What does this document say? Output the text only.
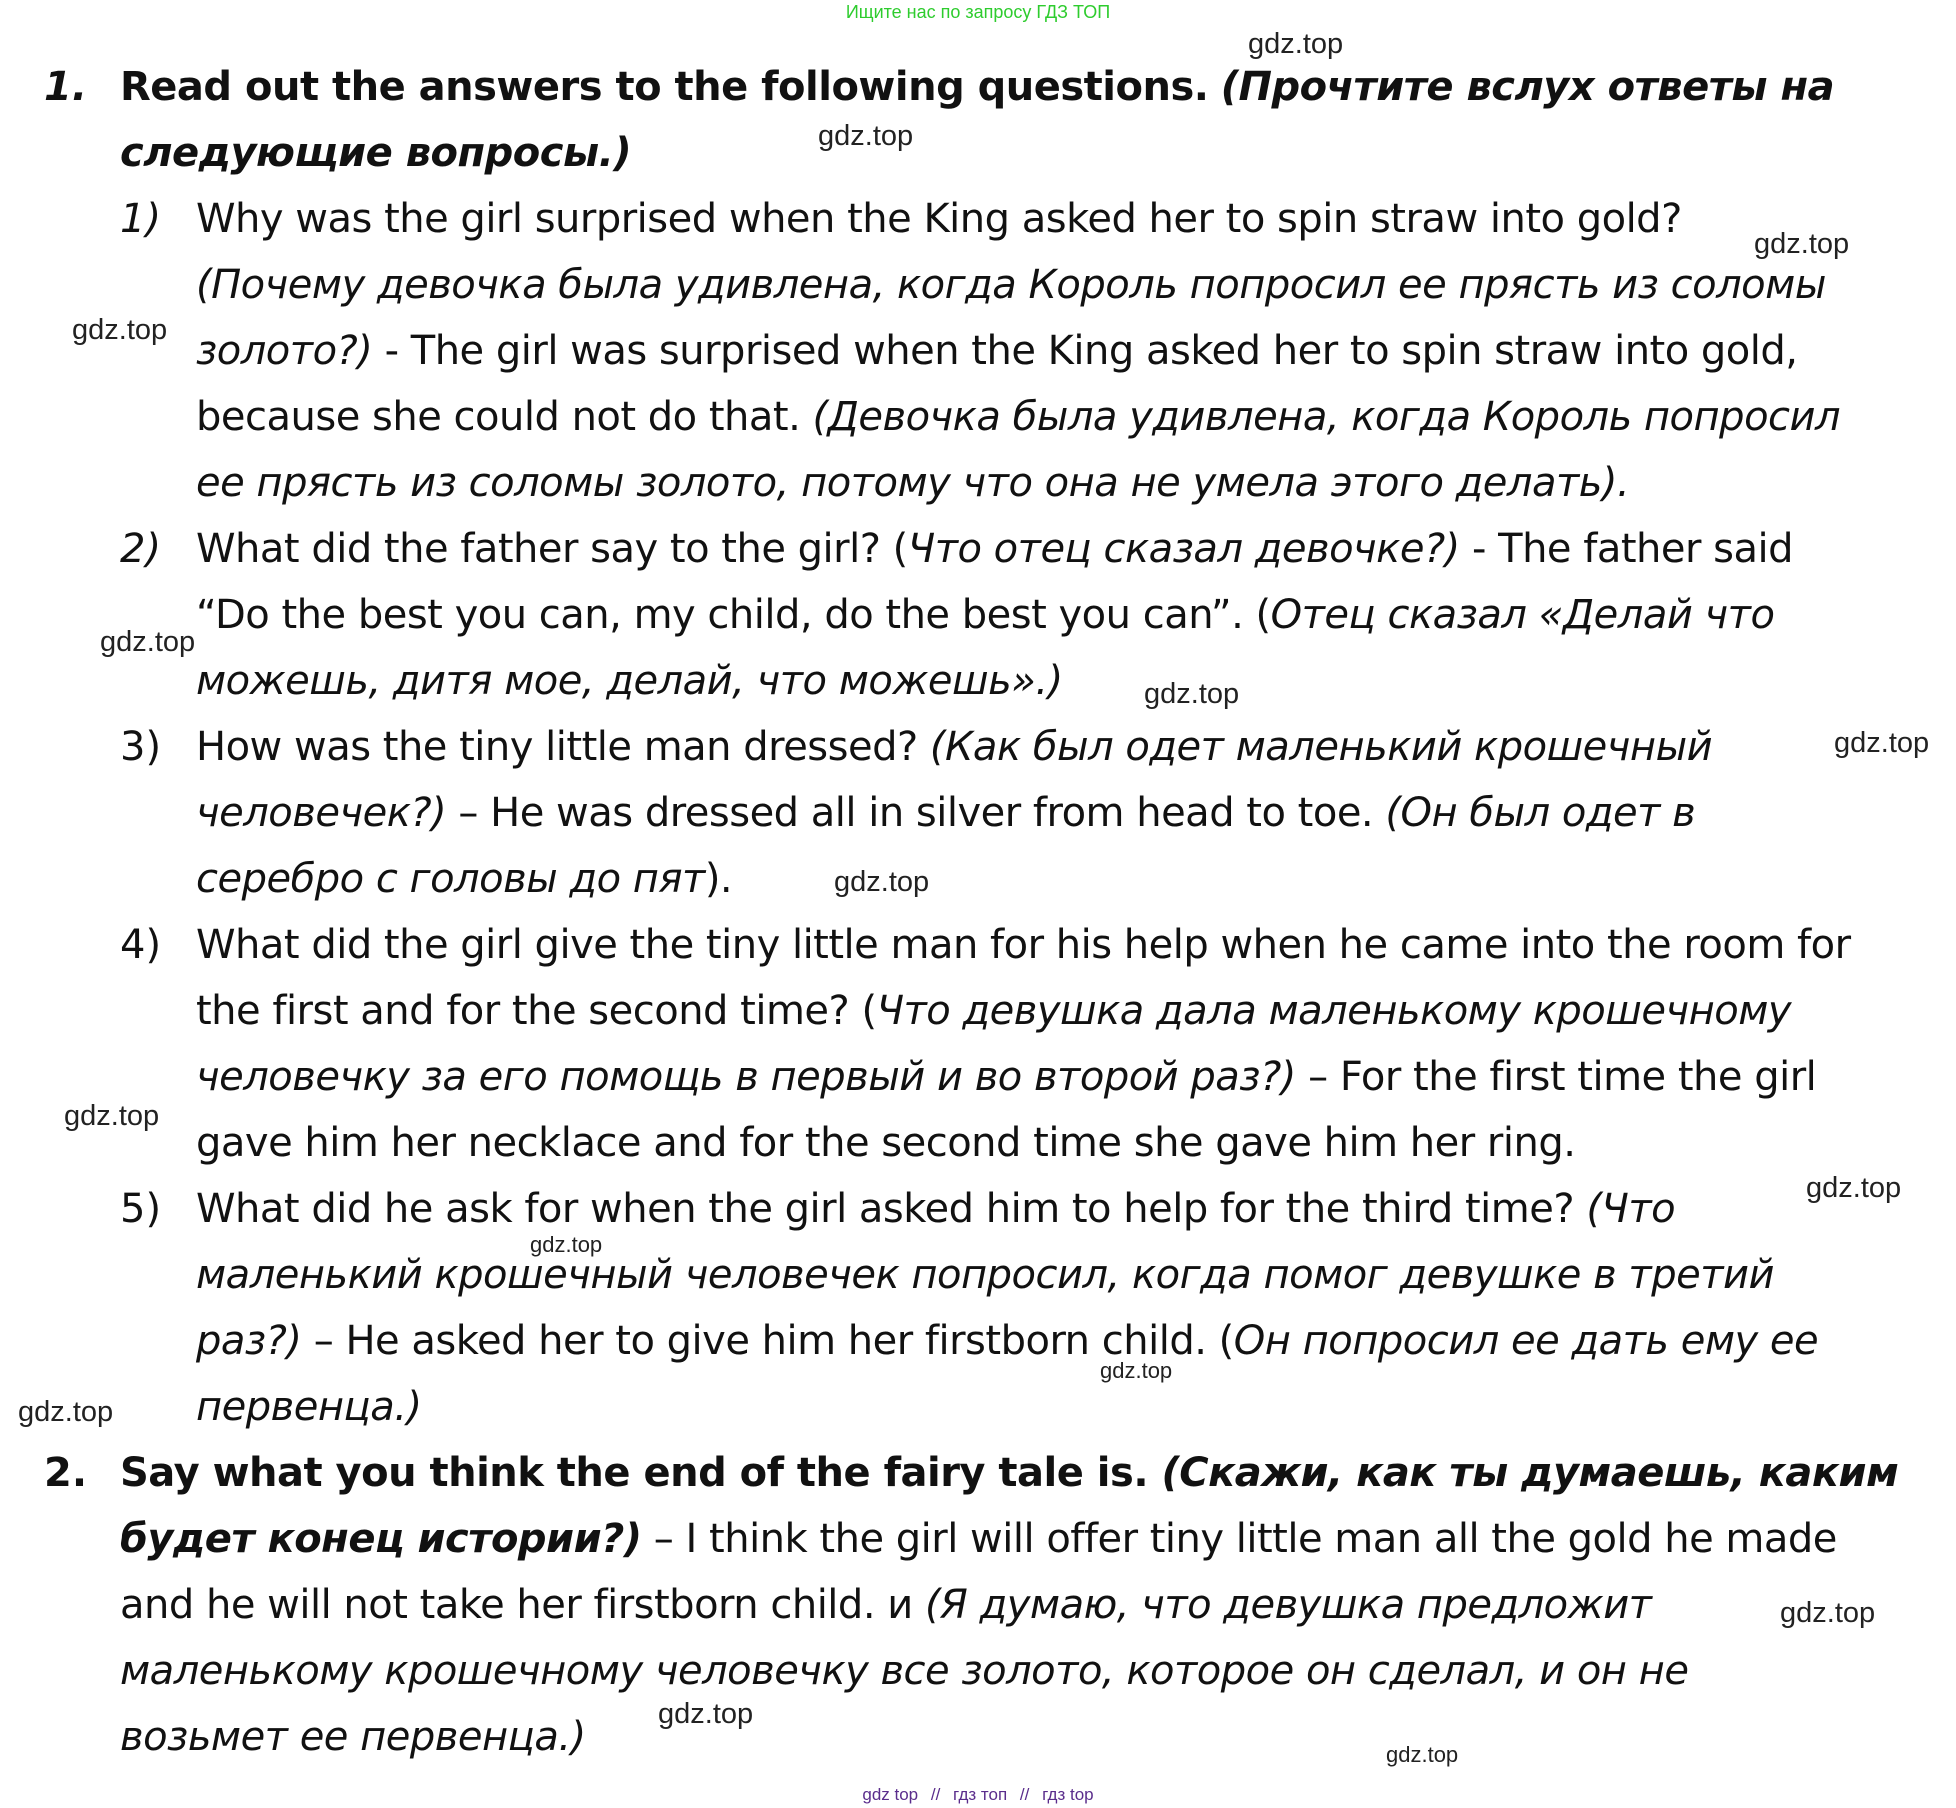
Ищите нас по запросу ГДЗ ТОП
gdz.top
gdz.top
gdz.top
gdz.top
gdz.top
gdz.top
gdz.top
gdz.top
gdz.top
gdz.top
gdz.top
gdz.top
gdz.top
gdz.top
gdz.top
gdz.top
1. Read out the answers to the following questions. (Прочтите вслух ответы на
следующие вопросы.)
1) Why was the girl surprised when the King asked her to spin straw into gold?
(Почему девочка была удивлена, когда Король попросил ее прясть из соломы
золото?) - The girl was surprised when the King asked her to spin straw into gold,
because she could not do that. (Девочка была удивлена, когда Король попросил
ее прясть из соломы золото, потому что она не умела этого делать).
2) What did the father say to the girl? (Что отец сказал девочке?) - The father said
“Do the best you can, my child, do the best you can”. (Отец сказал «Делай что
можешь, дитя мое, делай, что можешь».)
3) How was the tiny little man dressed? (Как был одет маленький крошечный
человечек?) – He was dressed all in silver from head to toe. (Он был одет в
серебро с головы до пят).
4) What did the girl give the tiny little man for his help when he came into the room for
the first and for the second time? (Что девушка дала маленькому крошечному
человечку за его помощь в первый и во второй раз?) – For the first time the girl
gave him her necklace and for the second time she gave him her ring.
5) What did he ask for when the girl asked him to help for the third time? (Что
маленький крошечный человечек попросил, когда помог девушке в третий
раз?) – He asked her to give him her firstborn child. (Он попросил ее дать ему ее
первенца.)
2. Say what you think the end of the fairy tale is. (Скажи, как ты думаешь, каким
будет конец истории?) – I think the girl will offer tiny little man all the gold he made
and he will not take her firstborn child. и (Я думаю, что девушка предложит
маленькому крошечному человечку все золото, которое он сделал, и он не
возьмет ее первенца.)
gdz top // гдз топ // гдз top
